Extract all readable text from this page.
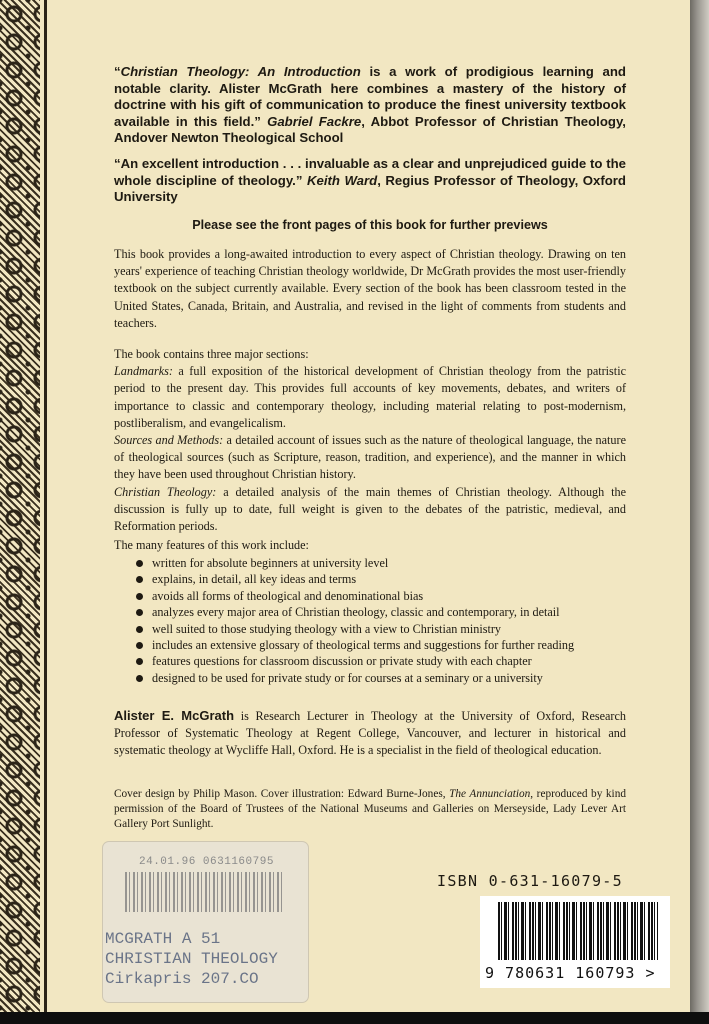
“Christian Theology: An Introduction is a work of prodigious learning and notable clarity. Alister McGrath here combines a mastery of the history of doctrine with his gift of communication to produce the finest university textbook available in this field.” Gabriel Fackre, Abbot Professor of Christian Theology, Andover Newton Theological School
“An excellent introduction . . . invaluable as a clear and unprejudiced guide to the whole discipline of theology.” Keith Ward, Regius Professor of Theology, Oxford University
Please see the front pages of this book for further previews
This book provides a long-awaited introduction to every aspect of Christian theology. Drawing on ten years' experience of teaching Christian theology worldwide, Dr McGrath provides the most user-friendly textbook on the subject currently available. Every section of the book has been classroom tested in the United States, Canada, Britain, and Australia, and revised in the light of comments from students and teachers.
The book contains three major sections:
Landmarks: a full exposition of the historical development of Christian theology from the patristic period to the present day. This provides full accounts of key movements, debates, and writers of importance to classic and contemporary theology, including material relating to post-modernism, postliberalism, and evangelicalism.
Sources and Methods: a detailed account of issues such as the nature of theological language, the nature of theological sources (such as Scripture, reason, tradition, and experience), and the manner in which they have been used throughout Christian history.
Christian Theology: a detailed analysis of the main themes of Christian theology. Although the discussion is fully up to date, full weight is given to the debates of the patristic, medieval, and Reformation periods.
The many features of this work include:
written for absolute beginners at university level
explains, in detail, all key ideas and terms
avoids all forms of theological and denominational bias
analyzes every major area of Christian theology, classic and contemporary, in detail
well suited to those studying theology with a view to Christian ministry
includes an extensive glossary of theological terms and suggestions for further reading
features questions for classroom discussion or private study with each chapter
designed to be used for private study or for courses at a seminary or a university
Alister E. McGrath is Research Lecturer in Theology at the University of Oxford, Research Professor of Systematic Theology at Regent College, Vancouver, and lecturer in historical and systematic theology at Wycliffe Hall, Oxford. He is a specialist in the field of theological education.
Cover design by Philip Mason. Cover illustration: Edward Burne-Jones, The Annunciation, reproduced by kind permission of the Board of Trustees of the National Museums and Galleries on Merseyside, Lady Lever Art Gallery Port Sunlight.
24.01.96 0631160795
MCGRATH A 51
CHRISTIAN THEOLOGY
Cirkapris 207.CO
ISBN 0-631-16079-5
9 780631 160793 >
